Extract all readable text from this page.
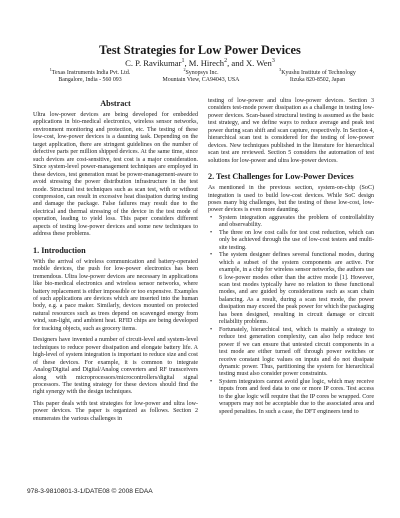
Test Strategies for Low Power Devices
C. P. Ravikumar$^1$, M. Hirech$^2$, and X. Wen$^3$
$^1$Texas Instruments India Pvt. Ltd.
Bangalore, India - 560 093
$^2$Synopsys Inc.
Mountain View, CA94043, USA
$^3$Kyushu Institute of Technology
Iizuka 820-8502, Japan
Abstract

Ultra low-power devices are being developed for embedded applications in bio-medical electronics, wireless sensor networks, environment monitoring and protection, etc. The testing of these low-cost, low-power devices is a daunting task. Depending on the target application, there are stringent guidelines on the number of defective parts per million shipped devices. At the same time, since such devices are cost-sensitive, test cost is a major consideration. Since system-level power-management techniques are employed in these devices, test generation must be power-management-aware to avoid stressing the power distribution infrastructure in the test mode. Structural test techniques such as scan test, with or without compression, can result in excessive heat dissipation during testing and damage the package. False failures may result due to the electrical and thermal stressing of the device in the test mode of operation, leading to yield loss. This paper considers different aspects of testing low-power devices and some new techniques to address these problems.

1. Introduction

With the arrival of wireless communication and battery-operated mobile devices, the push for low-power electronics has been tremendous. Ultra low-power devices are necessary in applications like bio-medical electronics and wireless sensor networks, where battery replacement is either impossible or too expensive. Examples of such applications are devices which are inserted into the human body, e.g. a pace maker. Similarly, devices mounted on protected natural resources such as trees depend on scavenged energy from wind, sun-light, and ambient heat. RFID chips are being developed for tracking objects, such as grocery items.

Designers have invented a number of circuit-level and system-level techniques to reduce power dissipation and elongate battery life. A high-level of system integration is important to reduce size and cost of these devices. For example, it is common to integrate Analog/Digital and Digital/Analog converters and RF transceivers along with microprocessors/microcontrollers/digital signal processors. The testing strategy for these devices should find the right synergy with the design techniques.

This paper deals with test strategies for low-power and ultra low-power devices. The paper is organized as follows. Section 2 enumerates the various challenges in

testing of low-power and ultra low-power devices. Section 3 considers test-mode power dissipation as a challenge in testing low-power devices. Scan-based structural testing is assumed as the basic test strategy, and we define ways to reduce average and peak test power during scan shift and scan capture, respectively. In Section 4, hierarchical scan test is considered for the testing of low-power devices. New techniques published in the literature for hierarchical scan test are reviewed. Section 5 considers the automation of test solutions for low-power and ultra low-power devices.

2. Test Challenges for Low-Power Devices

As mentioned in the previous section, system-on-chip (SoC) integration is used to build low-cost devices. While SoC design poses many big challenges, but the testing of these low-cost, low-power devices is even more daunting.

• System integration aggravates the problem of controllability and observability.
• The three on low cost calls for test cost reduction, which can only be achieved through the use of low-cost testers and multi-site testing.
• The system designer defines several functional modes, during which a subset of the system components are active. For example, in a chip for wireless sensor networks, the authors use 6 low-power modes other than the active mode [1]. However, scan test modes typically have no relation to these functional modes, and are guided by considerations such as scan chain balancing. As a result, during a scan test mode, the power dissipation may exceed the peak power for which the packaging has been designed, resulting in circuit damage or circuit reliability problems.
• Fortunately, hierarchical test, which is mainly a strategy to reduce test generation complexity, can also help reduce test power if we can ensure that untested circuit components in a test mode are either turned off through power switches or receive constant logic values on inputs and do not dissipate dynamic power. Thus, partitioning the system for hierarchical testing must also consider power constraints.
• System integrators cannot avoid glue logic, which may receive inputs from and feed data to one or more IP cores. Test access to the glue logic will require that the IP cores be wrapped. Core wrappers may not be acceptable due to the associated area and speed penalties. In such a case, the DFT engineers tend to
978-3-9810801-3-1/DATE08 © 2008 EDAA
